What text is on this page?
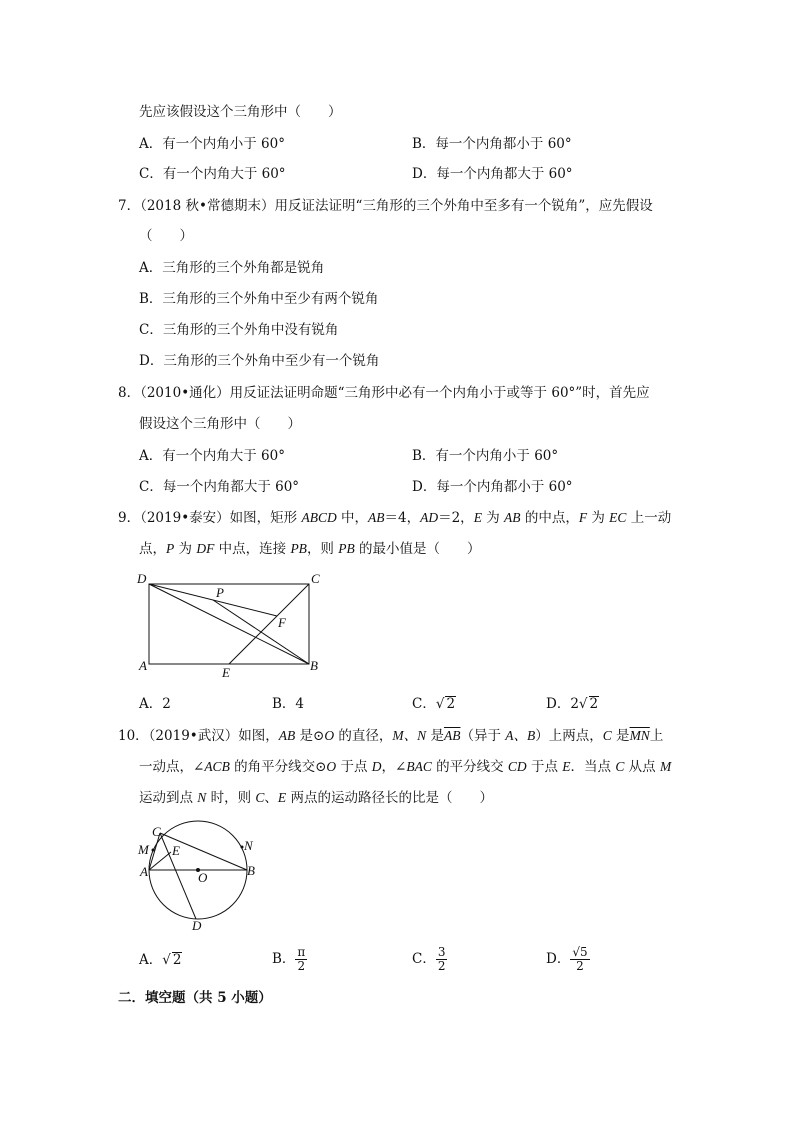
先应该假设这个三角形中（　　）
A．有一个内角小于 60°	B．每一个内角都小于 60°
C．有一个内角大于 60°	D．每一个内角都大于 60°
7．（2018 秋•常德期末）用反证法证明“三角形的三个外角中至多有一个锐角”，应先假设
（　　）
A．三角形的三个外角都是锐角
B．三角形的三个外角中至少有两个锐角
C．三角形的三个外角中没有锐角
D．三角形的三个外角中至少有一个锐角
8．（2010•通化）用反证法证明命题“三角形中必有一个内角小于或等于 60°”时，首先应
假设这个三角形中（　　）
A．有一个内角大于 60°	B．有一个内角小于 60°
C．每一个内角都大于 60°	D．每一个内角都小于 60°
9．（2019•泰安）如图，矩形 ABCD 中，AB＝4，AD＝2，E 为 AB 的中点，F 为 EC 上一动
点，P 为 DF 中点，连接 PB，则 PB 的最小值是（　　）
D	C
P
F
A	E	B
A．2	B．4	C．√ 2	D．2√ 2
10．（2019•武汉）如图，AB 是⊙O 的直径，M、N 是$\overline{AB}$（异于 A、B）上两点，C 是$\overline{MN}$上
一动点，∠ACB 的角平分线交⊙O 于点 D，∠BAC 的平分线交 CD 于点 E．当点 C 从点 M
运动到点 N 时，则 C、E 两点的运动路径长的比是（　　）
C
M E	N
A	O	B
D
A．√ 2	B． $\frac{\pi}{2}$	C． $\frac{3}{2}$	D． $\frac{√5}{2}$
二．填空题（共 5 小题）
